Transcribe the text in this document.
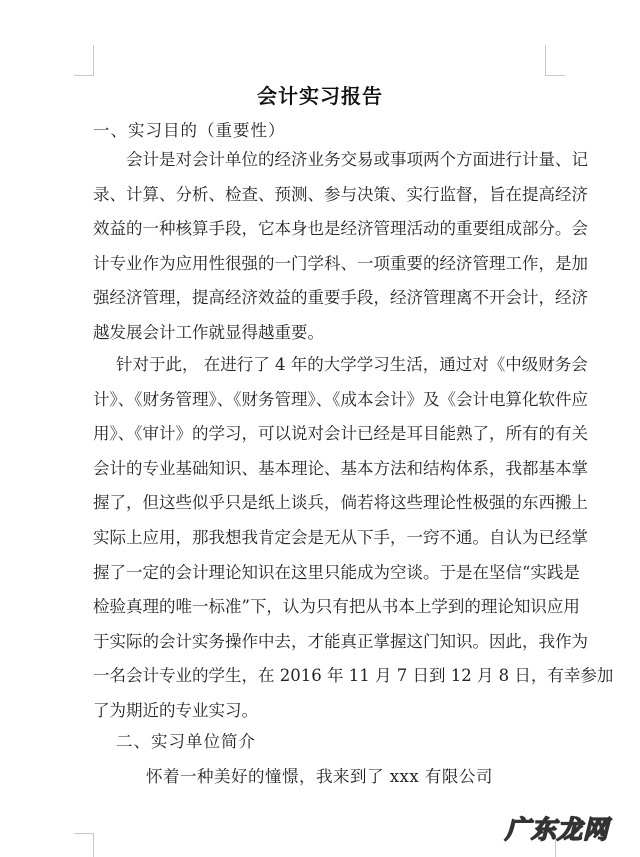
会计实习报告
一、实习目的（重要性）
会计是对会计单位的经济业务交易或事项两个方面进行计量、记
录、计算、分析、检查、预测、参与决策、实行监督，旨在提高经济
效益的一种核算手段，它本身也是经济管理活动的重要组成部分。会
计专业作为应用性很强的一门学科、一项重要的经济管理工作，是加
强经济管理，提高经济效益的重要手段，经济管理离不开会计，经济
越发展会计工作就显得越重要。
针对于此， 在进行了 4 年的大学学习生活，通过对《中级财务会
计》、《财务管理》、《财务管理》、《成本会计》及《会计电算化软件应
用》、《审计》的学习，可以说对会计已经是耳目能熟了，所有的有关
会计的专业基础知识、基本理论、基本方法和结构体系，我都基本掌
握了，但这些似乎只是纸上谈兵，倘若将这些理论性极强的东西搬上
实际上应用，那我想我肯定会是无从下手，一窍不通。自认为已经掌
握了一定的会计理论知识在这里只能成为空谈。于是在坚信“实践是
检验真理的唯一标准”下，认为只有把从书本上学到的理论知识应用
于实际的会计实务操作中去，才能真正掌握这门知识。因此，我作为
一名会计专业的学生，在 2016 年 11 月 7 日到 12 月 8 日，有幸参加
了为期近的专业实习。
二、实习单位简介
怀着一种美好的憧憬，我来到了 xxx 有限公司
广东龙网
